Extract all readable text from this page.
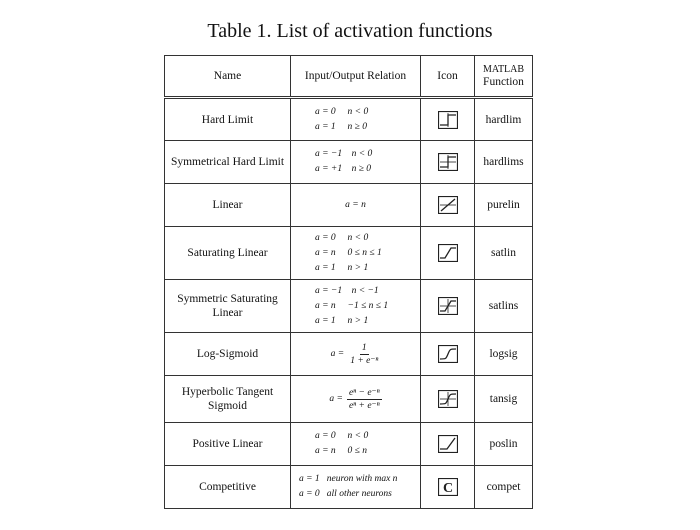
Table 1. List of activation functions
Name	Input/Output Relation	Icon	MATLAB
Function

Hard Limit	a = 0     n < 0
a = 1     n ≥ 0		hardlim
Symmetrical Hard Limit	a = −1    n < 0
a = +1    n ≥ 0		hardlims
Linear	a = n		purelin
Saturating Linear	a = 0     n < 0
a = n     0 ≤ n ≤ 1
a = 1     n > 1		satlin
Symmetric Saturating Linear	a = −1    n < −1
a = n     −1 ≤ n ≤ 1
a = 1     n > 1		satlins
Log-Sigmoid	$a = \frac{1}{\text{1 + e⁻ⁿ}}$		logsig
Hyperbolic Tangent Sigmoid	$a = \frac{\text{eⁿ − e⁻ⁿ}}{\text{eⁿ + e⁻ⁿ}}$		tansig
Positive Linear	a = 0     n < 0
a = n     0 ≤ n		poslin
Competitive	a = 1   neuron with max n
a = 0   all other neurons	C	compet
